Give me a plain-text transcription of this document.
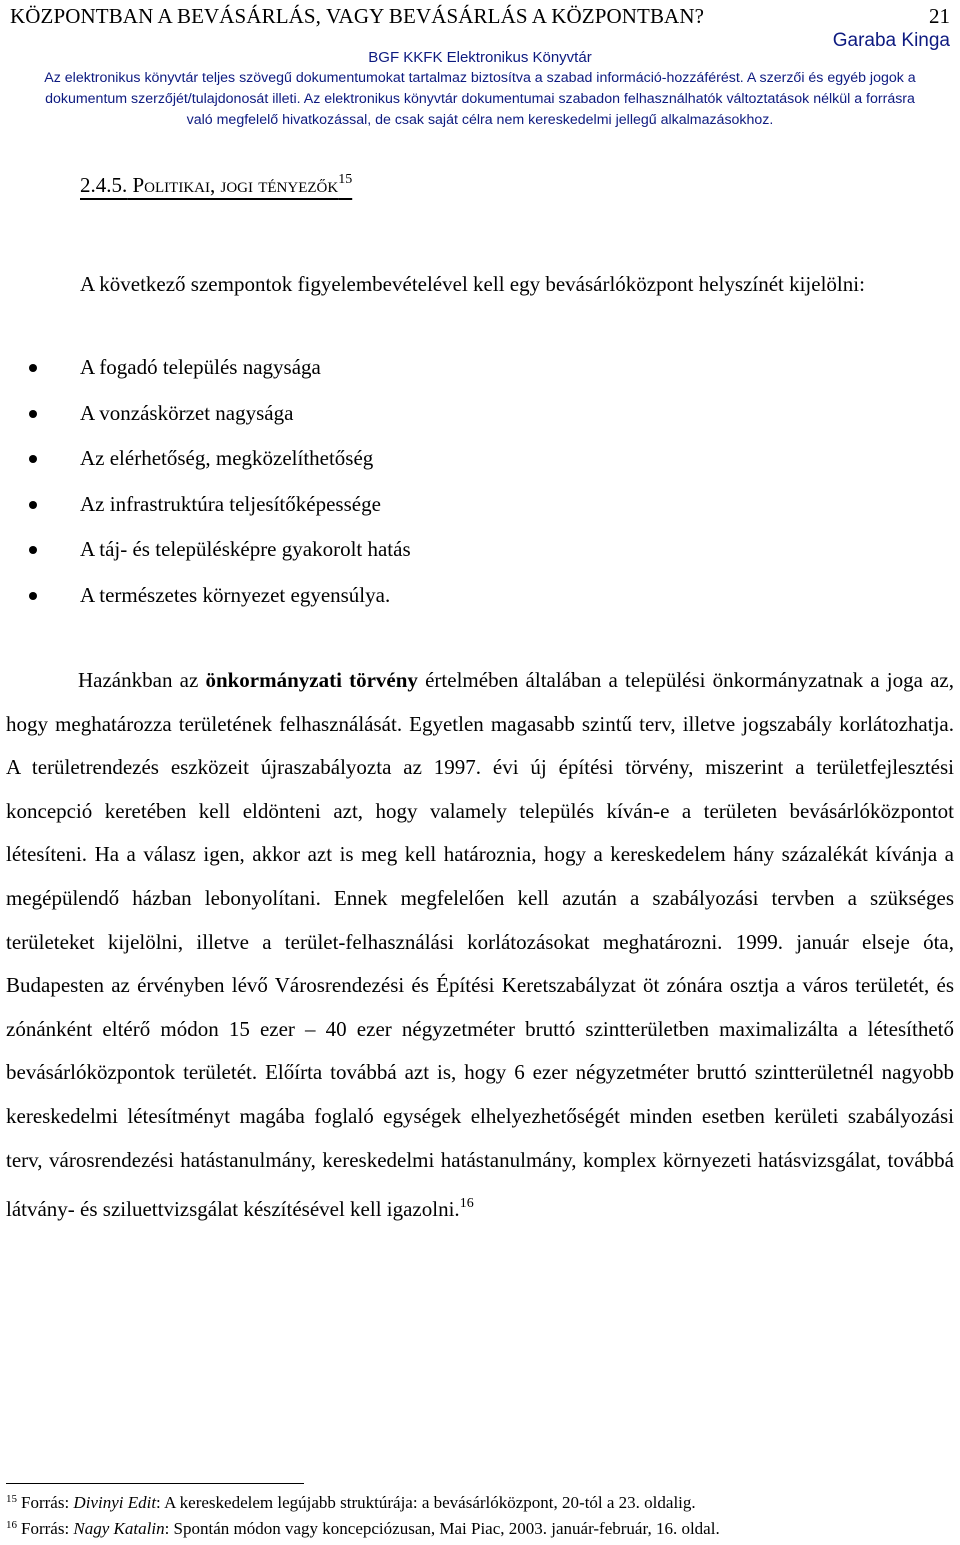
KÖZPONTBAN A BEVÁSÁRLÁS, VAGY BEVÁSÁRLÁS A KÖZPONTBAN?	21
Garaba Kinga
BGF KKFK Elektronikus Könyvtár
Az elektronikus könyvtár teljes szövegű dokumentumokat tartalmaz biztosítva a szabad információ-hozzáférést. A szerzői és egyéb jogok a
dokumentum szerzőjét/tulajdonosát illeti. Az elektronikus könyvtár dokumentumai szabadon felhasználhatók változtatások nélkül a forrásra
való megfelelő hivatkozással, de csak saját célra nem kereskedelmi jellegű alkalmazásokhoz.
2.4.5. Politikai, jogi tényezők$^{15}$
A következő szempontok figyelembevételével kell egy bevásárlóközpont helyszínét kijelölni:
A fogadó település nagysága
A vonzáskörzet nagysága
Az elérhetőség, megközelíthetőség
Az infrastruktúra teljesítőképessége
A táj- és településképre gyakorolt hatás
A természetes környezet egyensúlya.

Hazánkban az önkormányzati törvény értelmében általában a települési önkormányzatnak a joga az, hogy meghatározza területének felhasználását. Egyetlen magasabb szintű terv, illetve jogszabály korlátozhatja. A területrendezés eszközeit újraszabályozta az 1997. évi új építési törvény, miszerint a területfejlesztési koncepció keretében kell eldönteni azt, hogy valamely település kíván-e a területen bevásárlóközpontot létesíteni. Ha a válasz igen, akkor azt is meg kell határoznia, hogy a kereskedelem hány százalékát kívánja a megépülendő házban lebonyolítani. Ennek megfelelően kell azután a szabályozási tervben a szükséges területeket kijelölni, illetve a terület-felhasználási korlátozásokat meghatározni. 1999. január elseje óta, Budapesten az érvényben lévő Városrendezési és Építési Keretszabályzat öt zónára osztja a város területét, és zónánként eltérő módon 15 ezer – 40 ezer négyzetméter bruttó szintterületben maximalizálta a létesíthető bevásárlóközpontok területét. Előírta továbbá azt is, hogy 6 ezer négyzetméter bruttó szintterületnél nagyobb kereskedelmi létesítményt magába foglaló egységek elhelyezhetőségét minden esetben kerületi szabályozási terv, városrendezési hatástanulmány, kereskedelmi hatástanulmány, komplex környezeti hatásvizsgálat, továbbá látvány- és sziluettvizsgálat készítésével kell igazolni.$^{16}$

$^{15}$ Forrás: Divinyi Edit: A kereskedelem legújabb struktúrája: a bevásárlóközpont, 20-tól a 23. oldalig.
$^{16}$ Forrás: Nagy Katalin: Spontán módon vagy koncepciózusan, Mai Piac, 2003. január-február, 16. oldal.
